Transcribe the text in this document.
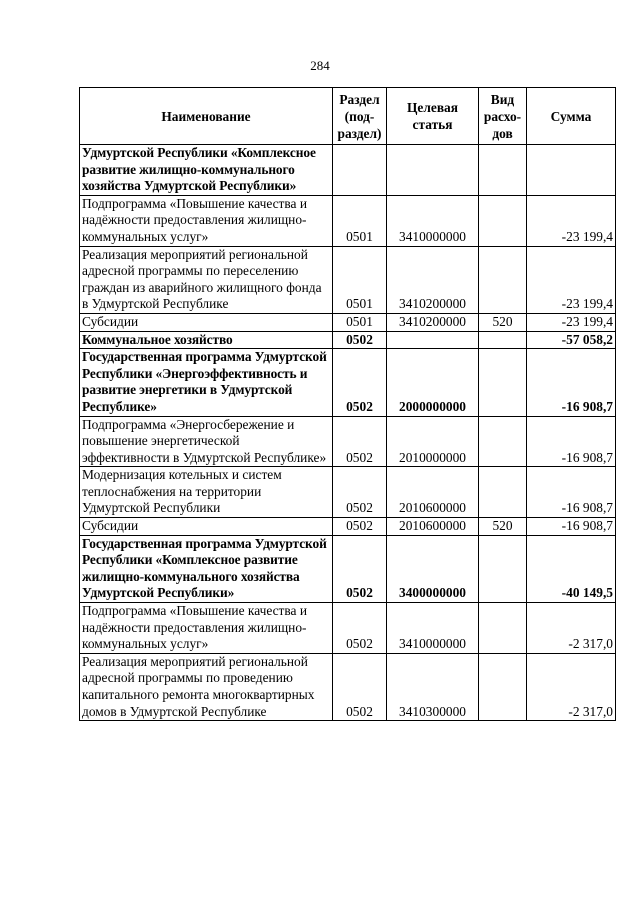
284
Наименование	Раздел (под-раздел)	Целевая статья	Вид расхо-дов	Сумма
Удмуртской Республики «Комплексное развитие жилищно-коммунального хозяйства Удмуртской Республики»				
Подпрограмма «Повышение качества и надёжности предоставления жилищно-коммунальных услуг»	0501	3410000000		-23 199,4
Реализация мероприятий региональной адресной программы по переселению граждан из аварийного жилищного фонда в Удмуртской Республике	0501	3410200000		-23 199,4
Субсидии	0501	3410200000	520	-23 199,4
Коммунальное хозяйство	0502			-57 058,2
Государственная программа Удмуртской Республики «Энергоэффективность и развитие энергетики в Удмуртской Республике»	0502	2000000000		-16 908,7
Подпрограмма «Энергосбережение и повышение энергетической эффективности в Удмуртской Республике»	0502	2010000000		-16 908,7
Модернизация котельных и систем теплоснабжения на территории Удмуртской Республики	0502	2010600000		-16 908,7
Субсидии	0502	2010600000	520	-16 908,7
Государственная программа Удмуртской Республики «Комплексное развитие жилищно-коммунального хозяйства Удмуртской Республики»	0502	3400000000		-40 149,5
Подпрограмма «Повышение качества и надёжности предоставления жилищно-коммунальных услуг»	0502	3410000000		-2 317,0
Реализация мероприятий региональной адресной программы по проведению капитального ремонта многоквартирных домов в Удмуртской Республике	0502	3410300000		-2 317,0
